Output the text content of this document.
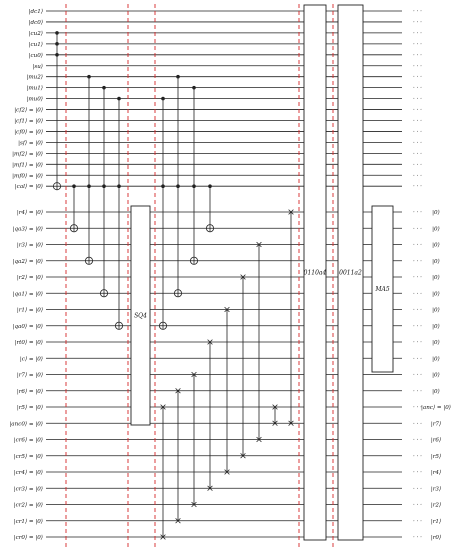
SQ4
0110a4 0011a2
MA5
|dc1⟩
|dc0⟩
|cu2⟩
|cu1⟩
|cu0⟩
|su⟩
|mu2⟩
|mu1⟩
|mu0⟩
|cf2⟩ = |0⟩
|cf1⟩ = |0⟩
|cf0⟩ = |0⟩
|sf⟩ = |0⟩
|mf2⟩ = |0⟩
|mf1⟩ = |0⟩
|mf0⟩ = |0⟩
|cal⟩ = |0⟩
|r4⟩ = |0⟩
|qa3⟩ = |0⟩
|r3⟩ = |0⟩
|qa2⟩ = |0⟩
|r2⟩ = |0⟩
|qa1⟩ = |0⟩
|r1⟩ = |0⟩
|qa0⟩ = |0⟩
|rt0⟩ = |0⟩
|c⟩ = |0⟩
|r7⟩ = |0⟩
|r6⟩ = |0⟩
|r5⟩ = |0⟩
|anc0⟩ = |0⟩
|cr6⟩ = |0⟩
|cr5⟩ = |0⟩
|cr4⟩ = |0⟩
|cr3⟩ = |0⟩
|cr2⟩ = |0⟩
|cr1⟩ = |0⟩
|cr0⟩ = |0⟩
· · ·
· · ·
· · ·
· · ·
· · ·
· · ·
· · ·
· · ·
· · ·
· · ·
· · ·
· · ·
· · ·
· · ·
· · ·
· · ·
· · ·
· · · |0⟩
· · · |0⟩
· · · |0⟩
· · · |0⟩
· · · |0⟩
· · · |0⟩
· · · |0⟩
· · · |0⟩
· · · |0⟩
· · · |0⟩
· · · |0⟩
· · · |0⟩
· · · |anc⟩ = |0⟩
· · · |r7⟩
· · · |r6⟩
· · · |r5⟩
· · · |r4⟩
· · · |r3⟩
· · · |r2⟩
· · · |r1⟩
· · · |r0⟩
